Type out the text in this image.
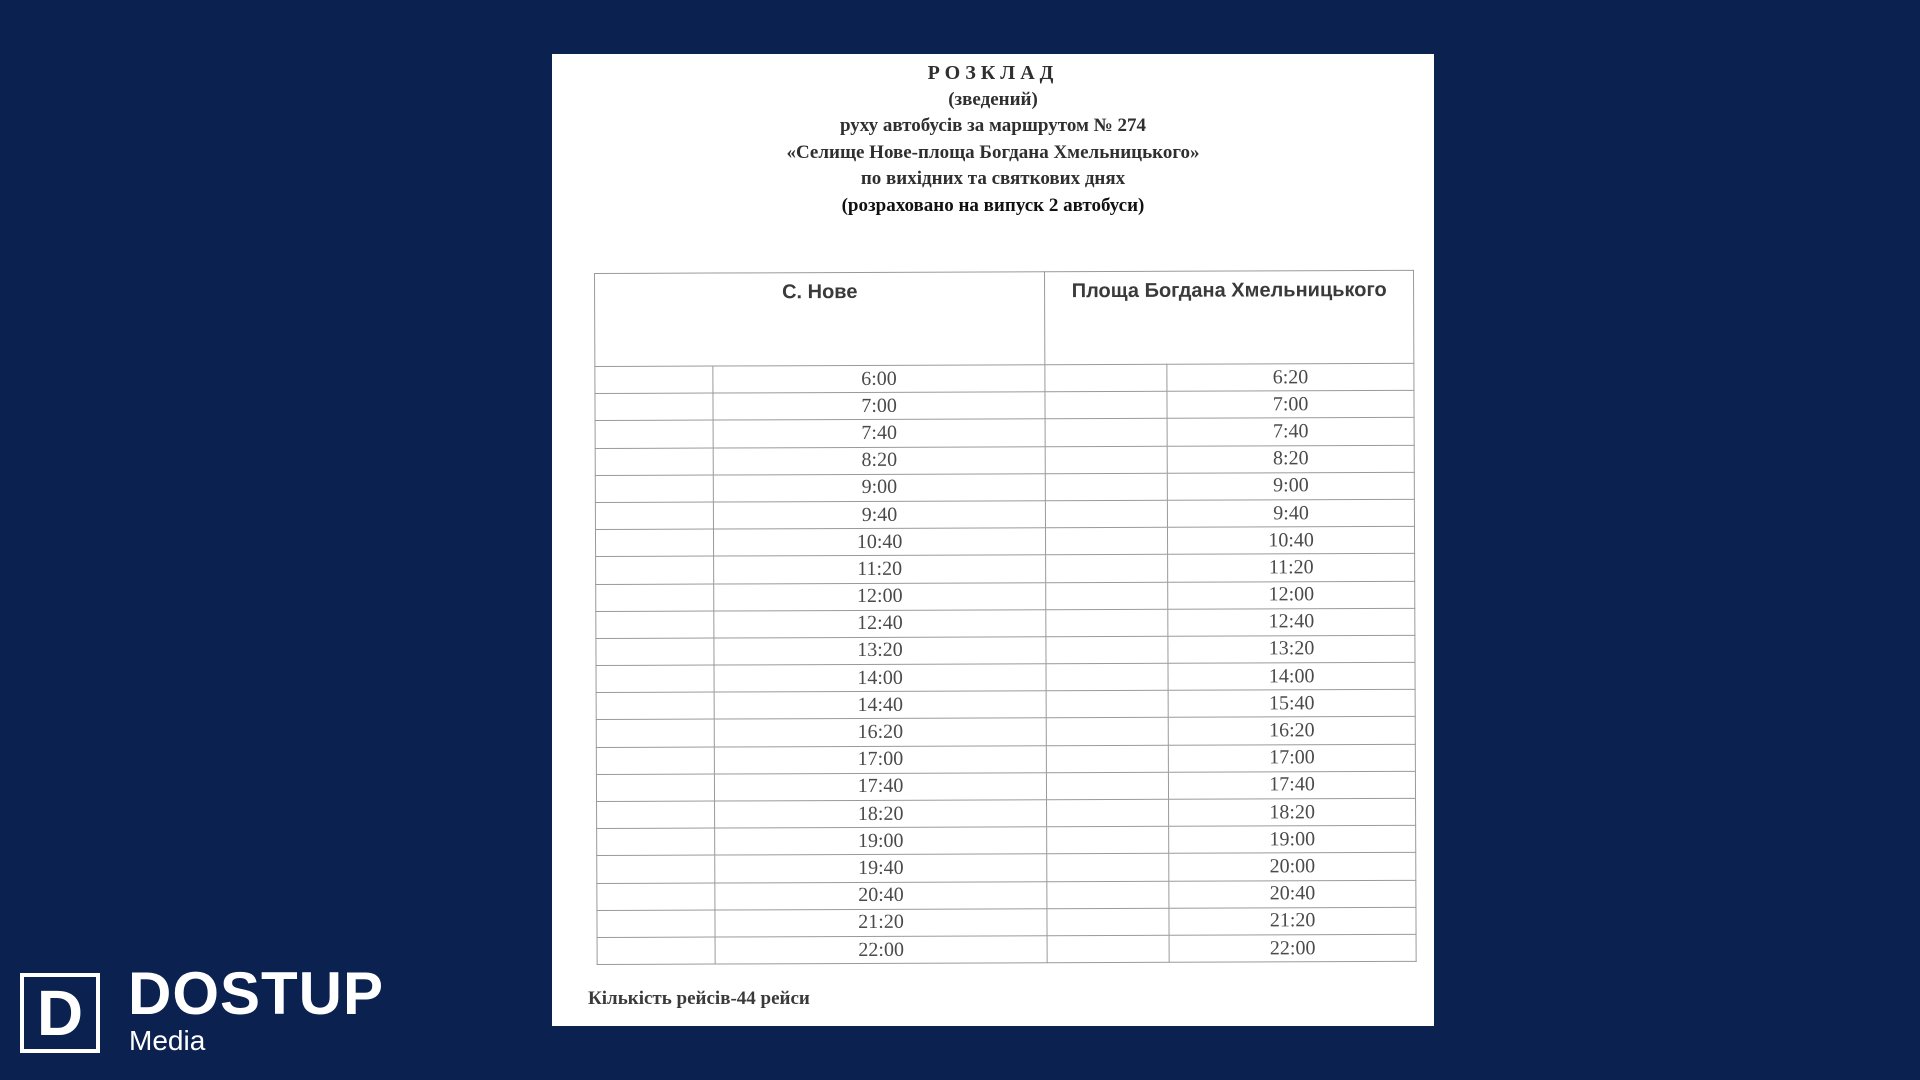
РОЗКЛАД
(зведений)
руху автобусів за маршрутом № 274
«Селище Нове-площа Богдана Хмельницького»
по вихідних та святкових днях
(розраховано на випуск 2 автобуси)
С. Нове		Площа Богдана Хмельницького	
	6:00		6:20
	7:00		7:00
	7:40		7:40
	8:20		8:20
	9:00		9:00
	9:40		9:40
	10:40		10:40
	11:20		11:20
	12:00		12:00
	12:40		12:40
	13:20		13:20
	14:00		14:00
	14:40		15:40
	16:20		16:20
	17:00		17:00
	17:40		17:40
	18:20		18:20
	19:00		19:00
	19:40		20:00
	20:40		20:40
	21:20		21:20
	22:00		22:00
Кількість рейсів-44 рейси
D DOSTUP
Media
